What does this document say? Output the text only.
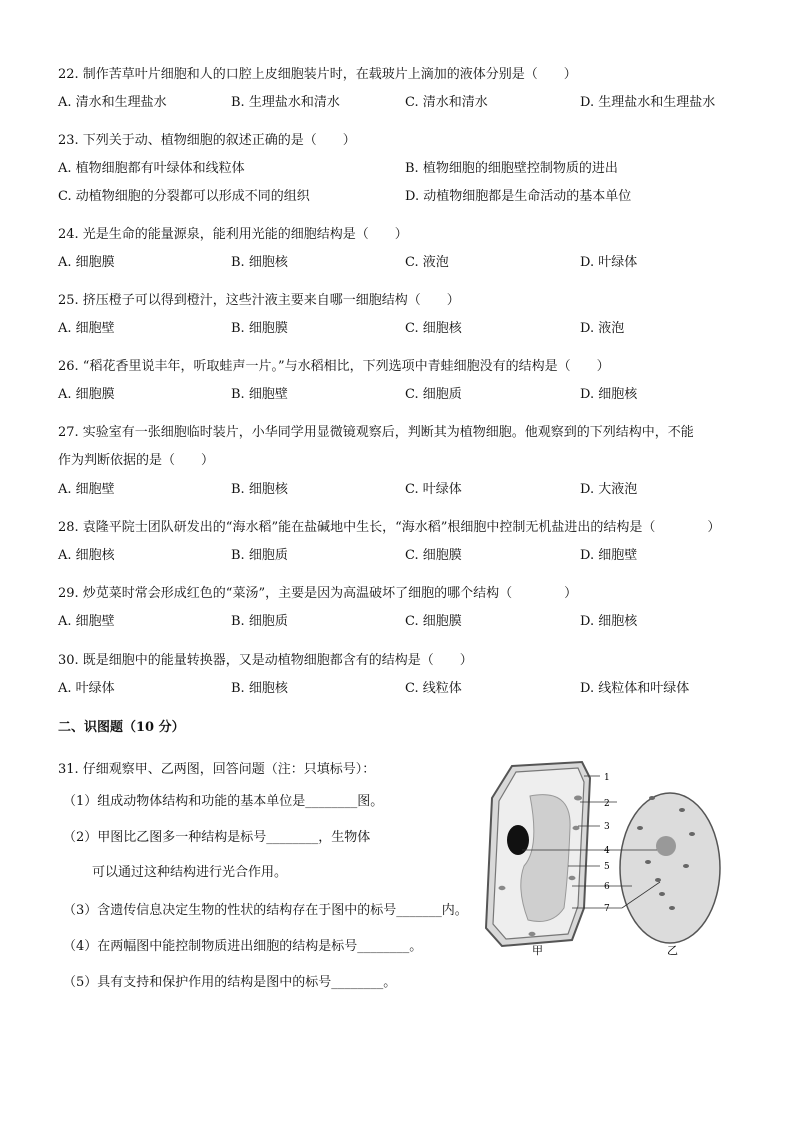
22. 制作苦草叶片细胞和人的口腔上皮细胞装片时，在载玻片上滴加的液体分别是（　　）
A. 清水和生理盐水	B. 生理盐水和清水	C. 清水和清水	D. 生理盐水和生理盐水
23. 下列关于动、植物细胞的叙述正确的是（　　）
A. 植物细胞都有叶绿体和线粒体	B. 植物细胞的细胞壁控制物质的进出
C. 动植物细胞的分裂都可以形成不同的组织	D. 动植物细胞都是生命活动的基本单位
24. 光是生命的能量源泉，能利用光能的细胞结构是（　　）
A. 细胞膜	B. 细胞核	C. 液泡	D. 叶绿体
25. 挤压橙子可以得到橙汁，这些汁液主要来自哪一细胞结构（　　）
A. 细胞壁	B. 细胞膜	C. 细胞核	D. 液泡
26. “稻花香里说丰年，听取蛙声一片。”与水稻相比，下列选项中青蛙细胞没有的结构是（　　）
A. 细胞膜	B. 细胞壁	C. 细胞质	D. 细胞核
27. 实验室有一张细胞临时装片，小华同学用显微镜观察后，判断其为植物细胞。他观察到的下列结构中，不能
作为判断依据的是（　　）
A. 细胞壁	B. 细胞核	C. 叶绿体	D. 大液泡
28. 袁隆平院士团队研发出的“海水稻”能在盐碱地中生长，“海水稻”根细胞中控制无机盐进出的结构是（　　　　）
A. 细胞核	B. 细胞质	C. 细胞膜	D. 细胞壁
29. 炒苋菜时常会形成红色的“菜汤”，主要是因为高温破坏了细胞的哪个结构（　　　　）
A. 细胞壁	B. 细胞质	C. 细胞膜	D. 细胞核
30. 既是细胞中的能量转换器，又是动植物细胞都含有的结构是（　　）
A. 叶绿体	B. 细胞核	C. 线粒体	D. 线粒体和叶绿体
二、识图题（10 分）
31. 仔细观察甲、乙两图，回答问题（注：只填标号）：
（1）组成动物体结构和功能的基本单位是________图。
（2）甲图比乙图多一种结构是标号________，生物体
可以通过这种结构进行光合作用。
（3）含遗传信息决定生物的性状的结构存在于图中的标号_______内。
（4）在两幅图中能控制物质进出细胞的结构是标号________。
（5）具有支持和保护作用的结构是图中的标号________。
1
2
3
4
5
6
7
甲	乙
